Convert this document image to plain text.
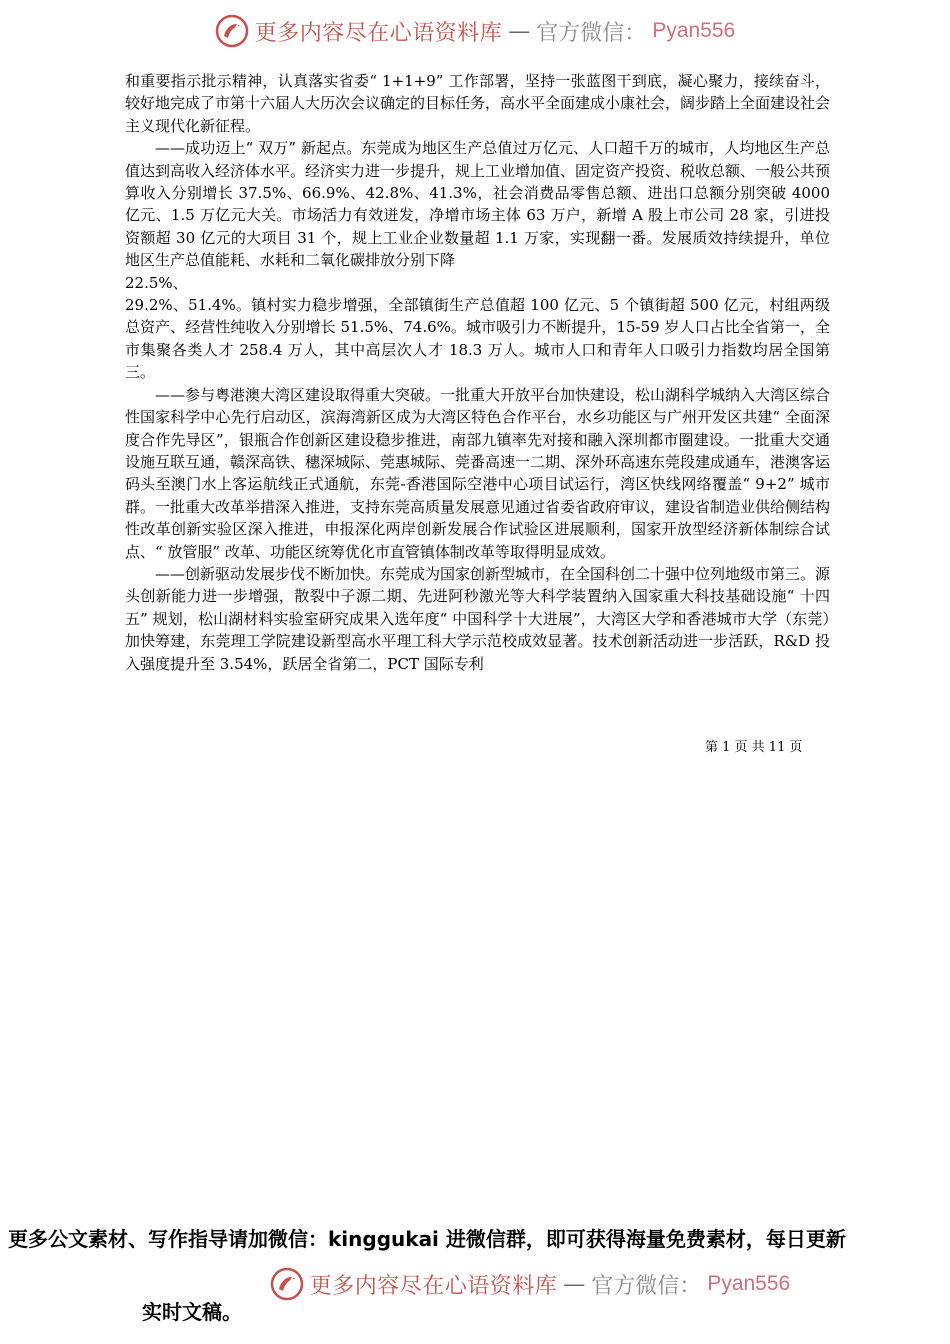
更多内容尽在心语资料库 — 官方微信： Pyan556

和重要指示批示精神，认真落实省委“ 1+1+9” 工作部署，坚持一张蓝图干到底，凝心聚力，接续奋斗，较好地完成了市第十六届人大历次会议确定的目标任务，高水平全面建成小康社会，阔步踏上全面建设社会主义现代化新征程。

——成功迈上“ 双万” 新起点。东莞成为地区生产总值过万亿元、人口超千万的城市，人均地区生产总值达到高收入经济体水平。经济实力进一步提升，规上工业增加值、固定资产投资、税收总额、一般公共预算收入分别增长 37.5%、66.9%、42.8%、41.3%，社会消费品零售总额、进出口总额分别突破 4000 亿元、1.5 万亿元大关。市场活力有效迸发，净增市场主体 63 万户，新增 A 股上市公司 28 家，引进投资额超 30 亿元的大项目 31 个，规上工业企业数量超 1.1 万家，实现翻一番。发展质效持续提升，单位地区生产总值能耗、水耗和二氧化碳排放分别下降

22.5%、

29.2%、51.4%。镇村实力稳步增强，全部镇街生产总值超 100 亿元、5 个镇街超 500 亿元，村组两级总资产、经营性纯收入分别增长 51.5%、74.6%。城市吸引力不断提升，15-59 岁人口占比全省第一，全市集聚各类人才 258.4 万人，其中高层次人才 18.3 万人。城市人口和青年人口吸引力指数均居全国第三。

——参与粤港澳大湾区建设取得重大突破。一批重大开放平台加快建设，松山湖科学城纳入大湾区综合性国家科学中心先行启动区，滨海湾新区成为大湾区特色合作平台，水乡功能区与广州开发区共建“ 全面深度合作先导区”，银瓶合作创新区建设稳步推进，南部九镇率先对接和融入深圳都市圈建设。一批重大交通设施互联互通，赣深高铁、穗深城际、莞惠城际、莞番高速一二期、深外环高速东莞段建成通车，港澳客运码头至澳门水上客运航线正式通航，东莞-香港国际空港中心项目试运行，湾区快线网络覆盖“ 9+2” 城市群。一批重大改革举措深入推进，支持东莞高质量发展意见通过省委省政府审议，建设省制造业供给侧结构性改革创新实验区深入推进，申报深化两岸创新发展合作试验区进展顺利，国家开放型经济新体制综合试点、“ 放管服” 改革、功能区统筹优化市直管镇体制改革等取得明显成效。

——创新驱动发展步伐不断加快。东莞成为国家创新型城市，在全国科创二十强中位列地级市第三。源头创新能力进一步增强，散裂中子源二期、先进阿秒激光等大科学装置纳入国家重大科技基础设施“ 十四五” 规划，松山湖材料实验室研究成果入选年度“ 中国科学十大进展”，大湾区大学和香港城市大学（东莞）加快筹建，东莞理工学院建设新型高水平理工科大学示范校成效显著。技术创新活动进一步活跃，R&D 投入强度提升至 3.54%，跃居全省第二，PCT 国际专利

第 1 页 共 11 页
更多公文素材、写作指导请加微信：kinggukai 进微信群，即可获得海量免费素材，每日更新
更多内容尽在心语资料库 — 官方微信： Pyan556
实时文稿。
